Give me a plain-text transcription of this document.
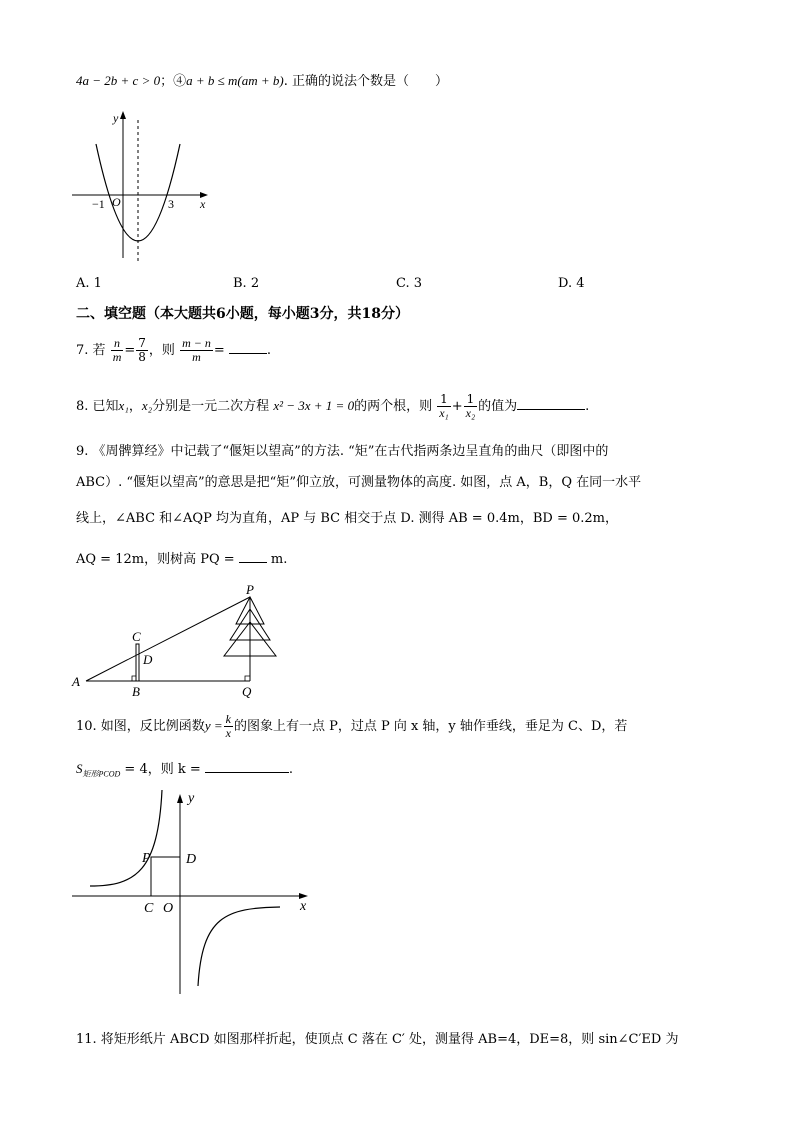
4a − 2b + c > 0；④a + b ≤ m(am + b). 正确的说法个数是（　　）
y
x
−1 O	3
A. 1	B. 2	C. 3	D. 4
二、填空题（本大题共6小题，每小题3分，共18分）
7. 若 $\frac{n}{m} = \frac{7}{8}$ ，则 $\frac{m - n}{m}$ =	.
8. 已知x₁，x₂分别是一元二次方程 x² − 3x + 1 = 0的两个根，则 $\frac{1}{\text{x₁}} + \frac{1}{\text{x₂}}$ 的值为	.
9. 《周髀算经》中记载了“偃矩以望高”的方法. “矩”在古代指两条边呈直角的曲尺（即图中的
ABC）. “偃矩以望高”的意思是把“矩”仰立放，可测量物体的高度. 如图，点 A，B，Q 在同一水平
线上，∠ABC 和∠AQP 均为直角，AP 与 BC 相交于点 D. 测得 AB = 0.4m，BD = 0.2m，
AQ = 12m，则树高 PQ =	m.
P
C
D
A
B	Q
10. 如图，反比例函数$y = \frac{k}{x}$ 的图象上有一点 P，过点 P 向 x 轴，y 轴作垂线，垂足为 C、D，若
$S_{矩形PCOD} = 4$，则 k =	.
y
x
P	D
C O
11. 将矩形纸片 ABCD 如图那样折起，使顶点 C 落在 C′ 处，测量得 AB=4，DE=8，则 sin∠C′ED 为
